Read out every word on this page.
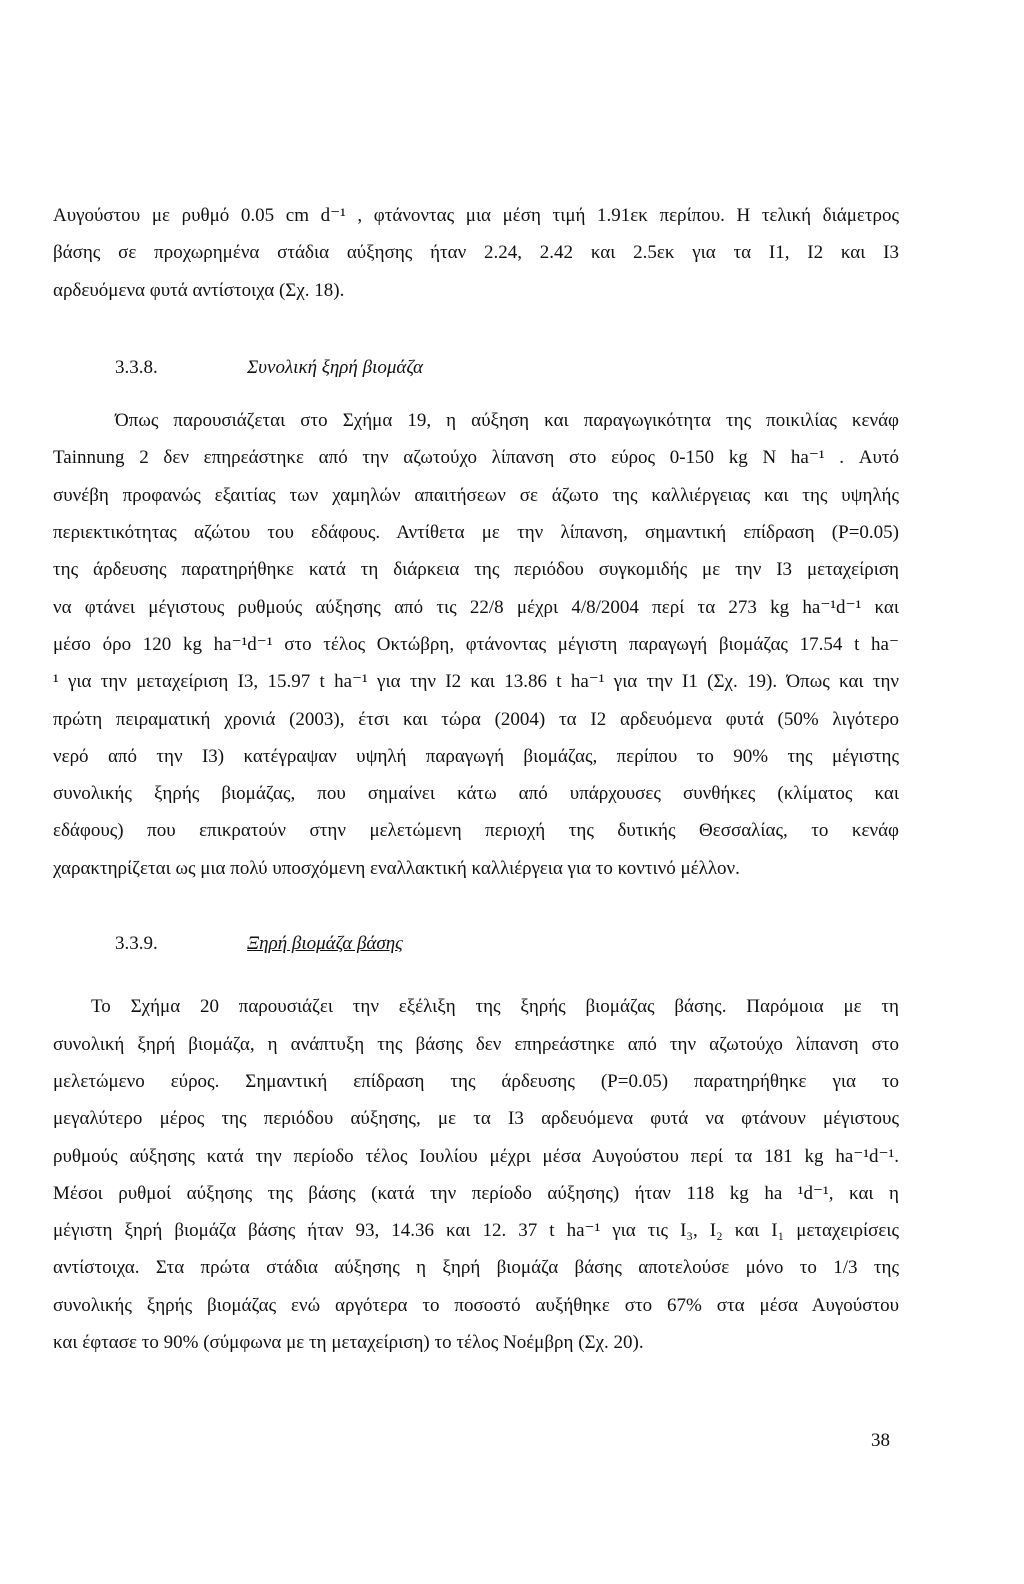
Αυγούστου με ρυθμό 0.05 cm d⁻¹ , φτάνοντας μια μέση τιμή 1.91εκ περίπου. Η τελική διάμετρος
βάσης σε προχωρημένα στάδια αύξησης ήταν 2.24, 2.42 και 2.5εκ για τα Ι1, Ι2 και Ι3
αρδευόμενα φυτά αντίστοιχα (Σχ. 18).
3.3.8.	Συνολική ξηρή βιομάζα
Όπως παρουσιάζεται στο Σχήμα 19, η αύξηση και παραγωγικότητα της ποικιλίας κενάφ
Tainnung 2 δεν επηρεάστηκε από την αζωτούχο λίπανση στο εύρος 0-150 kg N ha⁻¹ . Αυτό
συνέβη προφανώς εξαιτίας των χαμηλών απαιτήσεων σε άζωτο της καλλιέργειας και της υψηλής
περιεκτικότητας αζώτου του εδάφους. Αντίθετα με την λίπανση, σημαντική επίδραση (P=0.05)
της άρδευσης παρατηρήθηκε κατά τη διάρκεια της περιόδου συγκομιδής με την Ι3 μεταχείριση
να φτάνει μέγιστους ρυθμούς αύξησης από τις 22/8 μέχρι 4/8/2004 περί τα 273 kg ha⁻¹d⁻¹ και
μέσο όρο 120 kg ha⁻¹d⁻¹ στο τέλος Οκτώβρη, φτάνοντας μέγιστη παραγωγή βιομάζας 17.54 t ha⁻
¹ για την μεταχείριση Ι3, 15.97 t ha⁻¹ για την Ι2 και 13.86 t ha⁻¹ για την Ι1 (Σχ. 19). Όπως και την
πρώτη πειραματική χρονιά (2003), έτσι και τώρα (2004) τα Ι2 αρδευόμενα φυτά (50% λιγότερο
νερό από την Ι3) κατέγραψαν υψηλή παραγωγή βιομάζας, περίπου το 90% της μέγιστης
συνολικής ξηρής βιομάζας, που σημαίνει κάτω από υπάρχουσες συνθήκες (κλίματος και
εδάφους) που επικρατούν στην μελετώμενη περιοχή της δυτικής Θεσσαλίας, το κενάφ
χαρακτηρίζεται ως μια πολύ υποσχόμενη εναλλακτική καλλιέργεια για το κοντινό μέλλον.
3.3.9.	Ξηρή βιομάζα βάσης
Το Σχήμα 20 παρουσιάζει την εξέλιξη της ξηρής βιομάζας βάσης. Παρόμοια με τη
συνολική ξηρή βιομάζα, η ανάπτυξη της βάσης δεν επηρεάστηκε από την αζωτούχο λίπανση στο
μελετώμενο εύρος. Σημαντική επίδραση της άρδευσης (P=0.05) παρατηρήθηκε για το
μεγαλύτερο μέρος της περιόδου αύξησης, με τα Ι3 αρδευόμενα φυτά να φτάνουν μέγιστους
ρυθμούς αύξησης κατά την περίοδο τέλος Ιουλίου μέχρι μέσα Αυγούστου περί τα 181 kg ha⁻¹d⁻¹.
Μέσοι ρυθμοί αύξησης της βάσης (κατά την περίοδο αύξησης) ήταν 118 kg ha ¹d⁻¹, και η
μέγιστη ξηρή βιομάζα βάσης ήταν 93, 14.36 και 12. 37 t ha⁻¹ για τις I₃, I₂ και I₁ μεταχειρίσεις
αντίστοιχα. Στα πρώτα στάδια αύξησης η ξηρή βιομάζα βάσης αποτελούσε μόνο το 1/3 της
συνολικής ξηρής βιομάζας ενώ αργότερα το ποσοστό αυξήθηκε στο 67% στα μέσα Αυγούστου
και έφτασε το 90% (σύμφωνα με τη μεταχείριση) το τέλος Νοέμβρη (Σχ. 20).
38
